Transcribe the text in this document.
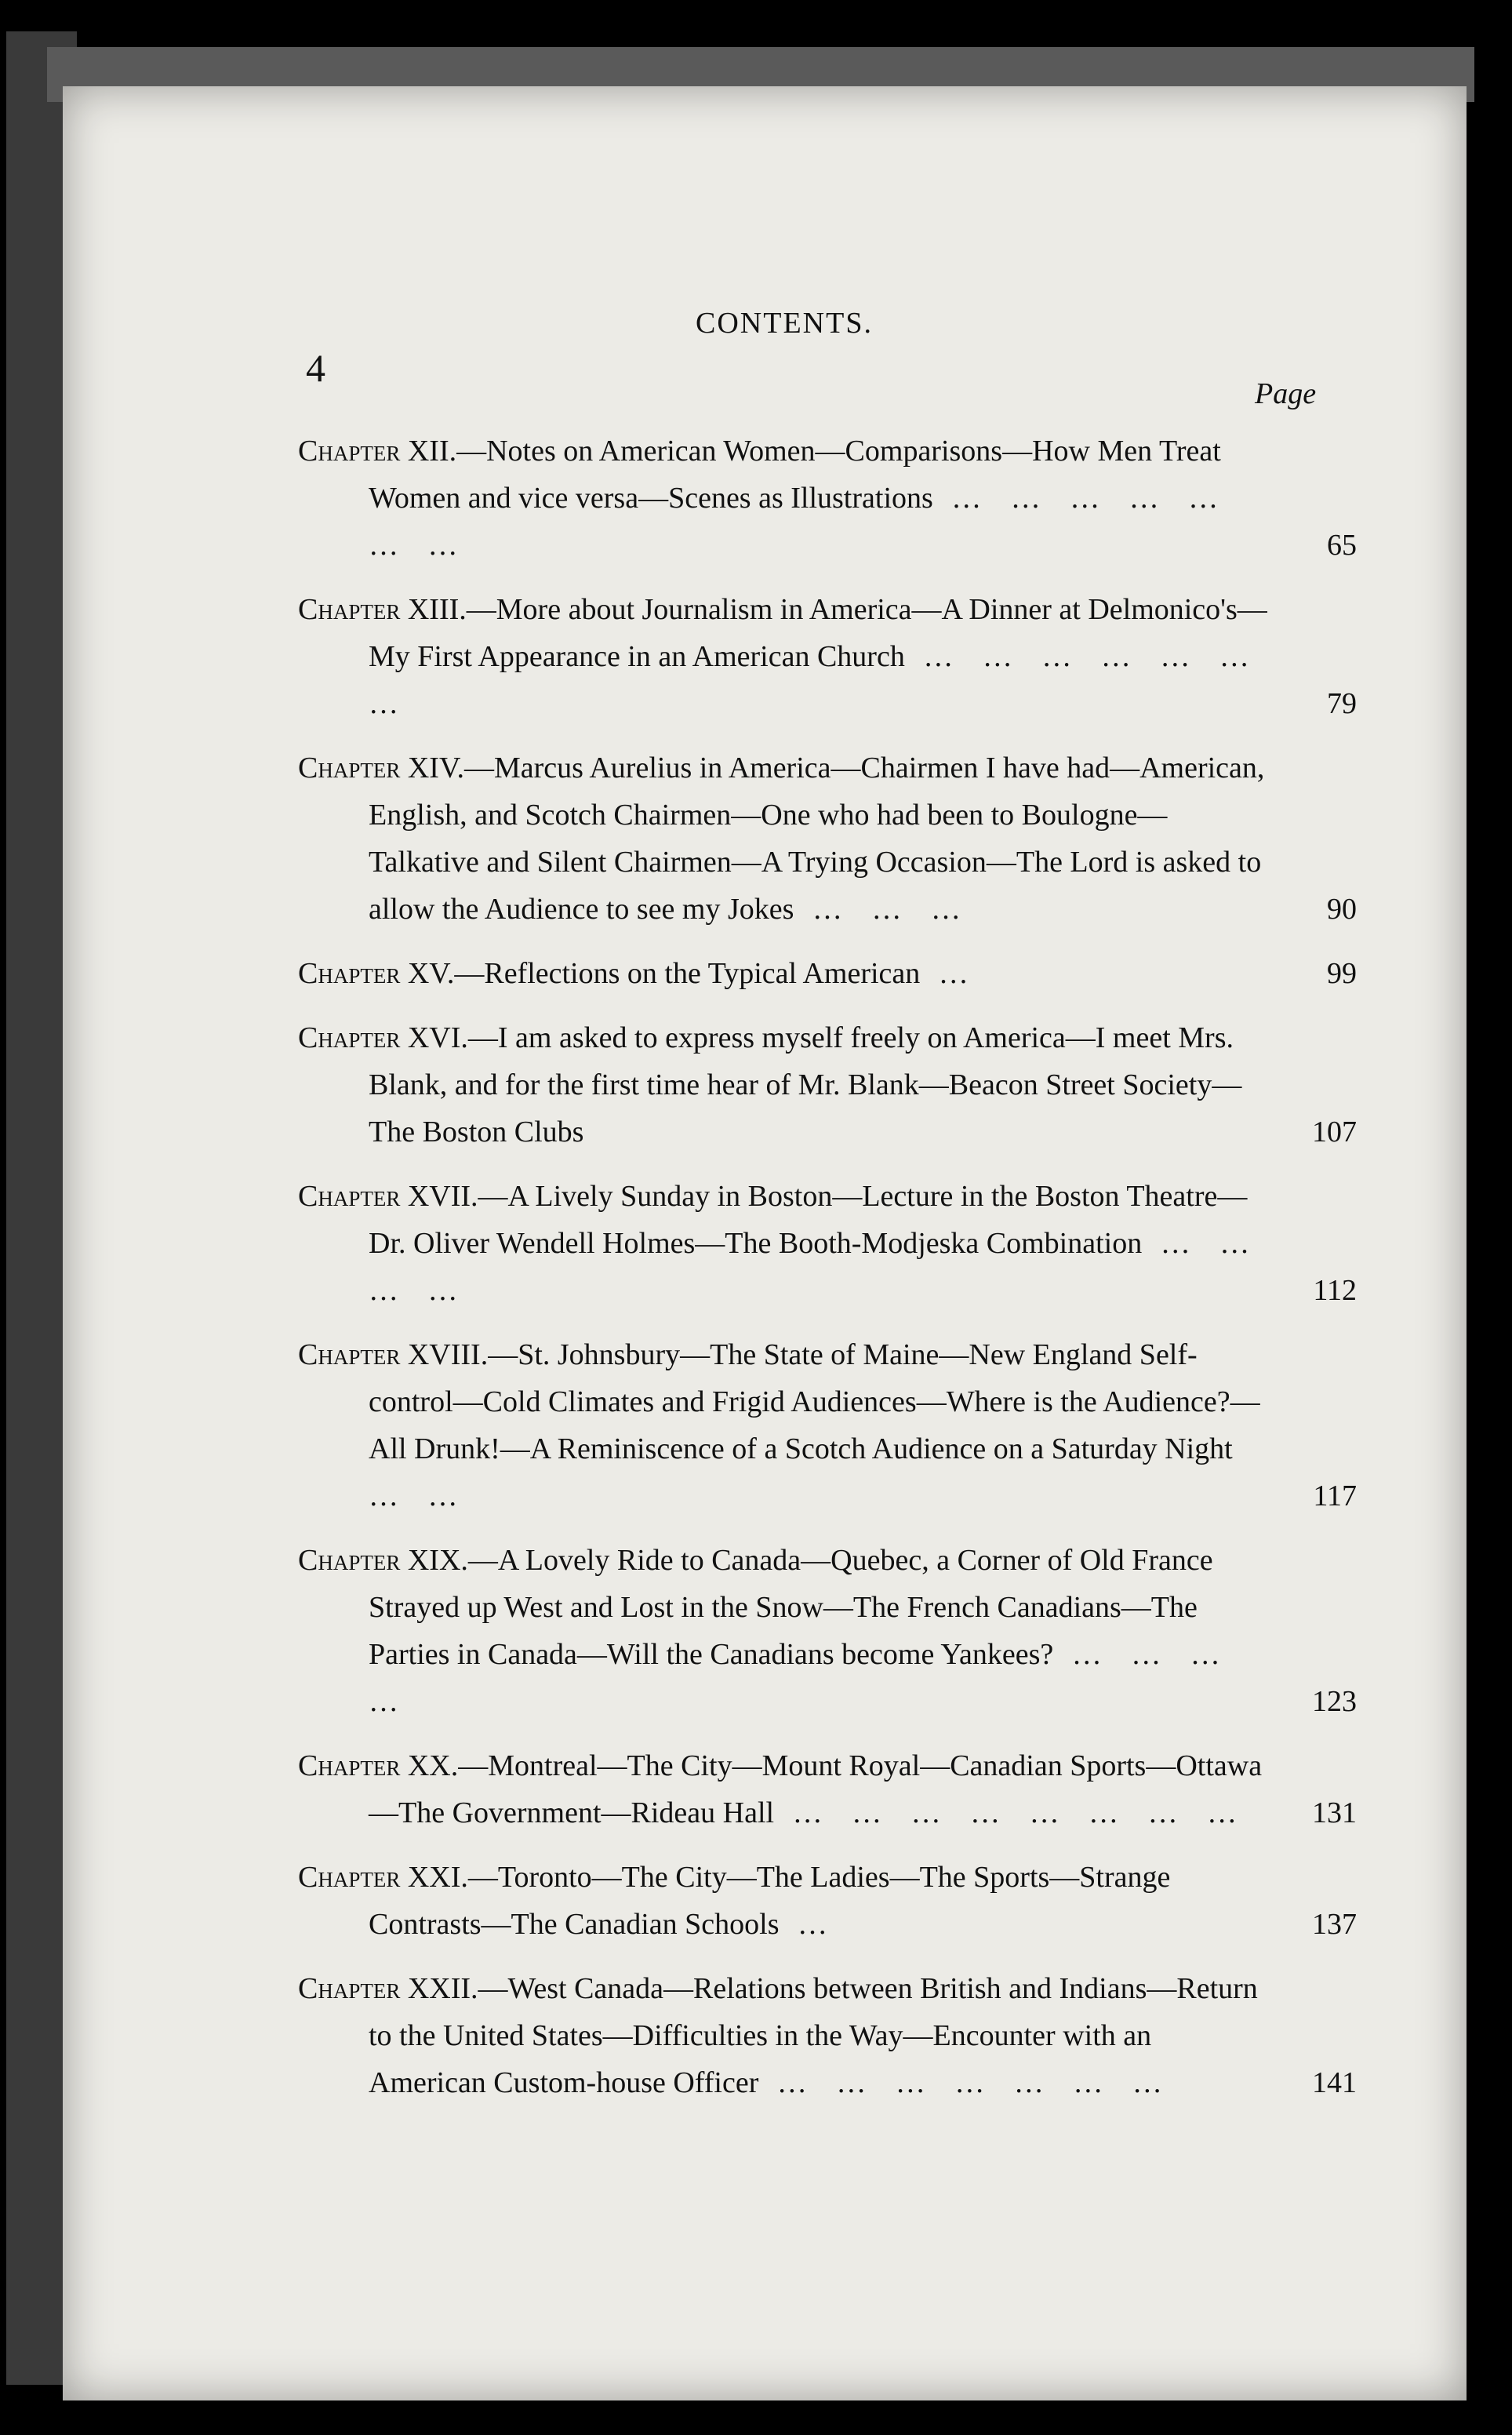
4
CONTENTS.
Page
Chapter XII.—Notes on American Women—Comparisons—How Men Treat Women and vice versa—Scenes as Illustrations … … … … … … …	65
Chapter XIII.—More about Journalism in America—A Dinner at Delmonico's—My First Appearance in an American Church … … … … … … …	79
Chapter XIV.—Marcus Aurelius in America—Chairmen I have had—American, English, and Scotch Chairmen—One who had been to Boulogne—Talkative and Silent Chairmen—A Trying Occasion—The Lord is asked to allow the Audience to see my Jokes … … …	90
Chapter XV.—Reflections on the Typical American …	99
Chapter XVI.—I am asked to express myself freely on America—I meet Mrs. Blank, and for the first time hear of Mr. Blank—Beacon Street Society—The Boston Clubs	107
Chapter XVII.—A Lively Sunday in Boston—Lecture in the Boston Theatre—Dr. Oliver Wendell Holmes—The Booth-Modjeska Combination … … … …	112
Chapter XVIII.—St. Johnsbury—The State of Maine—New England Self-control—Cold Climates and Frigid Audiences—Where is the Audience?—All Drunk!—A Reminiscence of a Scotch Audience on a Saturday Night … …	117
Chapter XIX.—A Lovely Ride to Canada—Quebec, a Corner of Old France Strayed up West and Lost in the Snow—The French Canadians—The Parties in Canada—Will the Canadians become Yankees? … … … …	123
Chapter XX.—Montreal—The City—Mount Royal—Canadian Sports—Ottawa—The Government—Rideau Hall … … … … … … … … 131
Chapter XXI.—Toronto—The City—The Ladies—The Sports—Strange Contrasts—The Canadian Schools …	137
Chapter XXII.—West Canada—Relations between British and Indians—Return to the United States—Difficulties in the Way—Encounter with an American Custom-house Officer … … … … … … …	141
